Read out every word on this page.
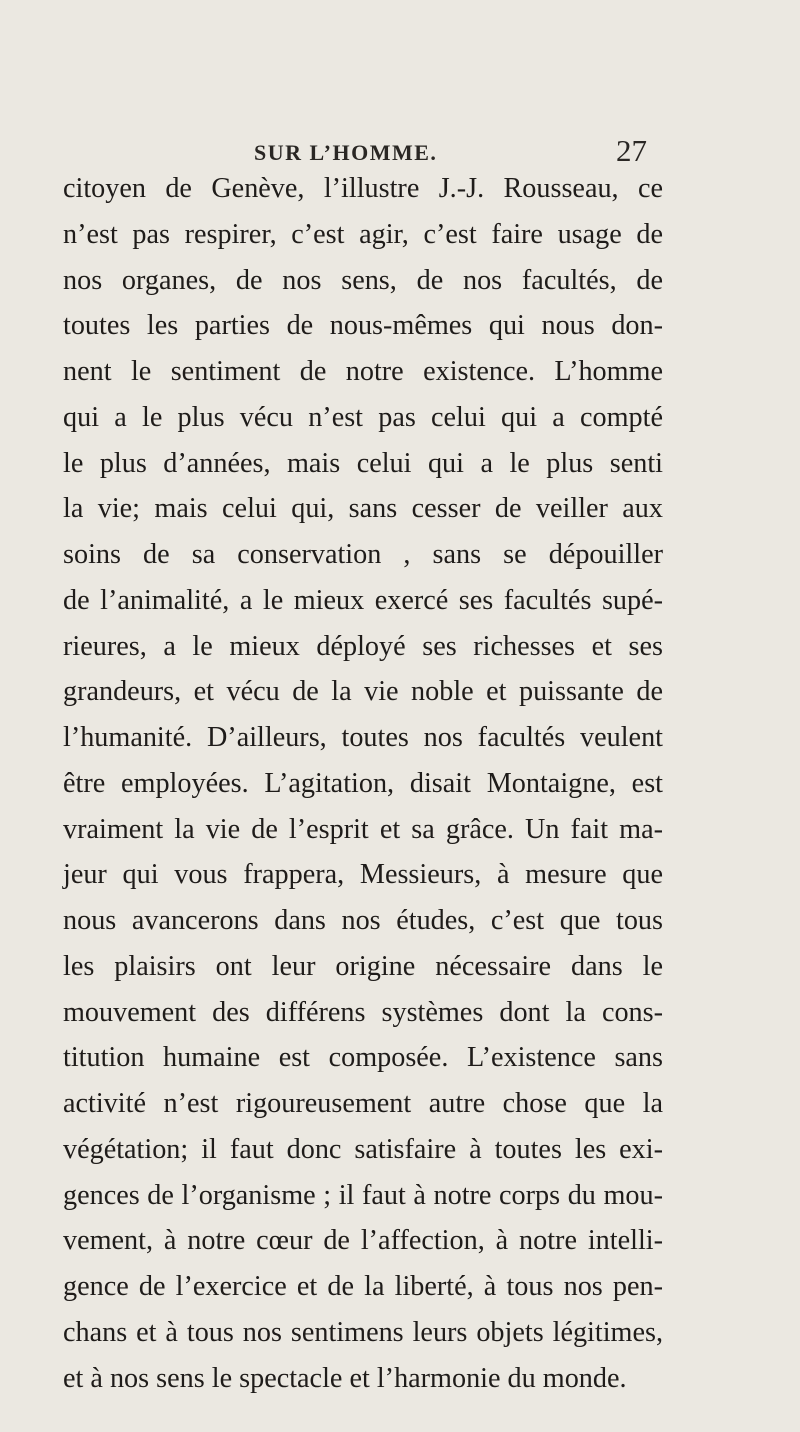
SUR L’HOMME.	27
citoyen de Genève, l’illustre J.-J. Rousseau, ce
n’est pas respirer, c’est agir, c’est faire usage de
nos organes, de nos sens, de nos facultés, de
toutes les parties de nous-mêmes qui nous don-
nent le sentiment de notre existence. L’homme
qui a le plus vécu n’est pas celui qui a compté
le plus d’années, mais celui qui a le plus senti
la vie; mais celui qui, sans cesser de veiller aux
soins de sa conservation , sans se dépouiller
de l’animalité, a le mieux exercé ses facultés supé-
rieures, a le mieux déployé ses richesses et ses
grandeurs, et vécu de la vie noble et puissante de
l’humanité. D’ailleurs, toutes nos facultés veulent
être employées. L’agitation, disait Montaigne, est
vraiment la vie de l’esprit et sa grâce. Un fait ma-
jeur qui vous frappera, Messieurs, à mesure que
nous avancerons dans nos études, c’est que tous
les plaisirs ont leur origine nécessaire dans le
mouvement des différens systèmes dont la cons-
titution humaine est composée. L’existence sans
activité n’est rigoureusement autre chose que la
végétation; il faut donc satisfaire à toutes les exi-
gences de l’organisme ; il faut à notre corps du mou-
vement, à notre cœur de l’affection, à notre intelli-
gence de l’exercice et de la liberté, à tous nos pen-
chans et à tous nos sentimens leurs objets légitimes,
et à nos sens le spectacle et l’harmonie du monde.
